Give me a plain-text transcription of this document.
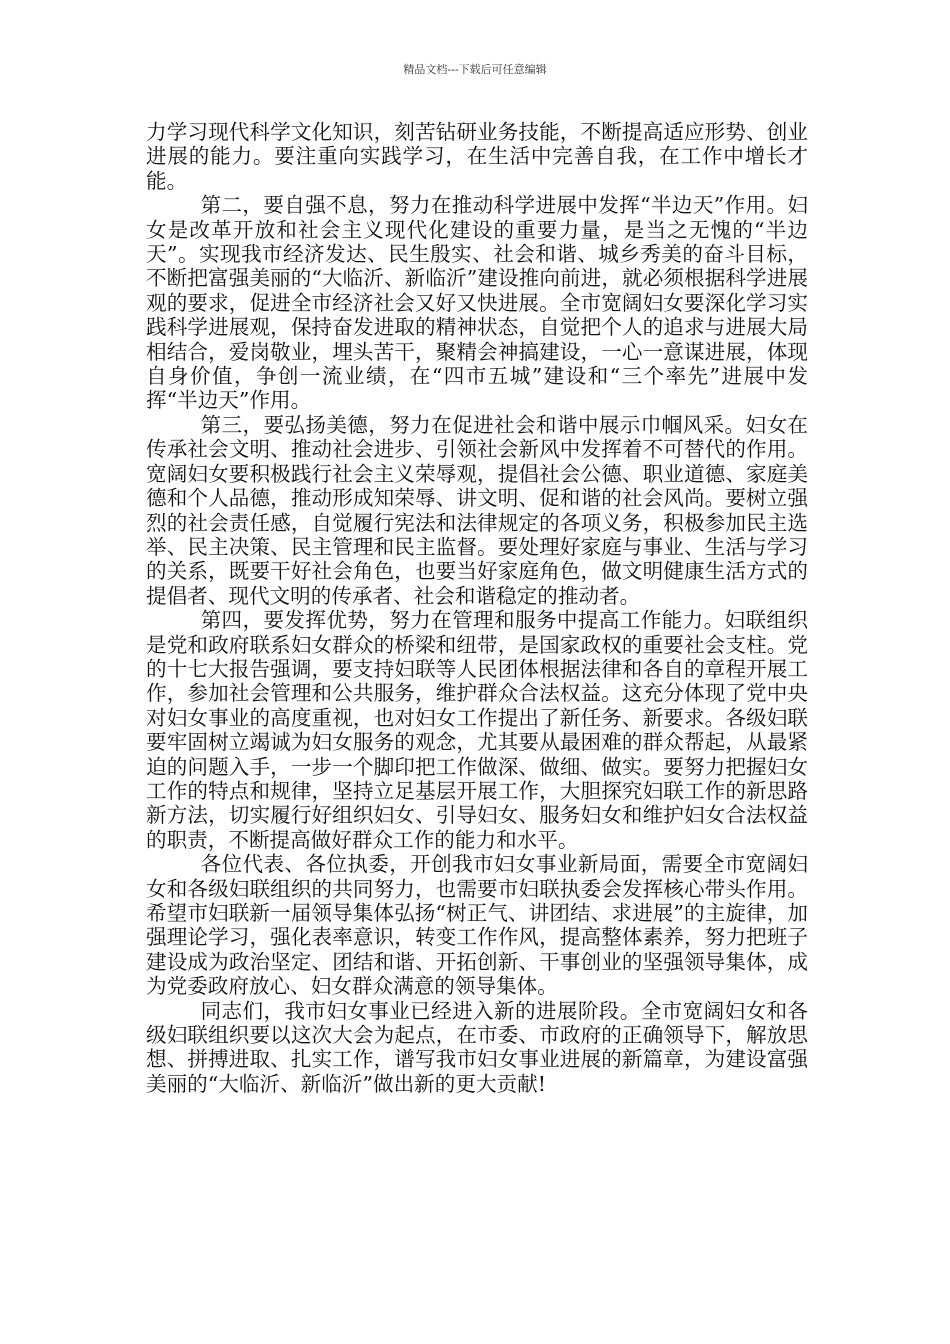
精品文档---下载后可任意编辑

力学习现代科学文化知识，刻苦钻研业务技能，不断提高适应形势、创业进展的能力。要注重向实践学习，在生活中完善自我，在工作中增长才能。

第二，要自强不息，努力在推动科学进展中发挥“半边天”作用。妇女是改革开放和社会主义现代化建设的重要力量，是当之无愧的“半边天”。实现我市经济发达、民生殷实、社会和谐、城乡秀美的奋斗目标，不断把富强美丽的“大临沂、新临沂”建设推向前进，就必须根据科学进展观的要求，促进全市经济社会又好又快进展。全市宽阔妇女要深化学习实践科学进展观，保持奋发进取的精神状态，自觉把个人的追求与进展大局相结合，爱岗敬业，埋头苦干，聚精会神搞建设，一心一意谋进展，体现自身价值，争创一流业绩，在“四市五城”建设和“三个率先”进展中发挥“半边天”作用。

第三，要弘扬美德，努力在促进社会和谐中展示巾帼风采。妇女在传承社会文明、推动社会进步、引领社会新风中发挥着不可替代的作用。宽阔妇女要积极践行社会主义荣辱观，提倡社会公德、职业道德、家庭美德和个人品德，推动形成知荣辱、讲文明、促和谐的社会风尚。要树立强烈的社会责任感，自觉履行宪法和法律规定的各项义务，积极参加民主选举、民主决策、民主管理和民主监督。要处理好家庭与事业、生活与学习的关系，既要干好社会角色，也要当好家庭角色，做文明健康生活方式的提倡者、现代文明的传承者、社会和谐稳定的推动者。

第四，要发挥优势，努力在管理和服务中提高工作能力。妇联组织是党和政府联系妇女群众的桥梁和纽带，是国家政权的重要社会支柱。党的十七大报告强调，要支持妇联等人民团体根据法律和各自的章程开展工作，参加社会管理和公共服务，维护群众合法权益。这充分体现了党中央对妇女事业的高度重视，也对妇女工作提出了新任务、新要求。各级妇联要牢固树立竭诚为妇女服务的观念，尤其要从最困难的群众帮起，从最紧迫的问题入手，一步一个脚印把工作做深、做细、做实。要努力把握妇女工作的特点和规律，坚持立足基层开展工作，大胆探究妇联工作的新思路新方法，切实履行好组织妇女、引导妇女、服务妇女和维护妇女合法权益的职责，不断提高做好群众工作的能力和水平。

各位代表、各位执委，开创我市妇女事业新局面，需要全市宽阔妇女和各级妇联组织的共同努力，也需要市妇联执委会发挥核心带头作用。希望市妇联新一届领导集体弘扬“树正气、讲团结、求进展”的主旋律，加强理论学习，强化表率意识，转变工作作风，提高整体素养，努力把班子建设成为政治坚定、团结和谐、开拓创新、干事创业的坚强领导集体，成为党委政府放心、妇女群众满意的领导集体。

同志们，我市妇女事业已经进入新的进展阶段。全市宽阔妇女和各级妇联组织要以这次大会为起点，在市委、市政府的正确领导下，解放思想、拼搏进取、扎实工作，谱写我市妇女事业进展的新篇章，为建设富强美丽的“大临沂、新临沂”做出新的更大贡献!
